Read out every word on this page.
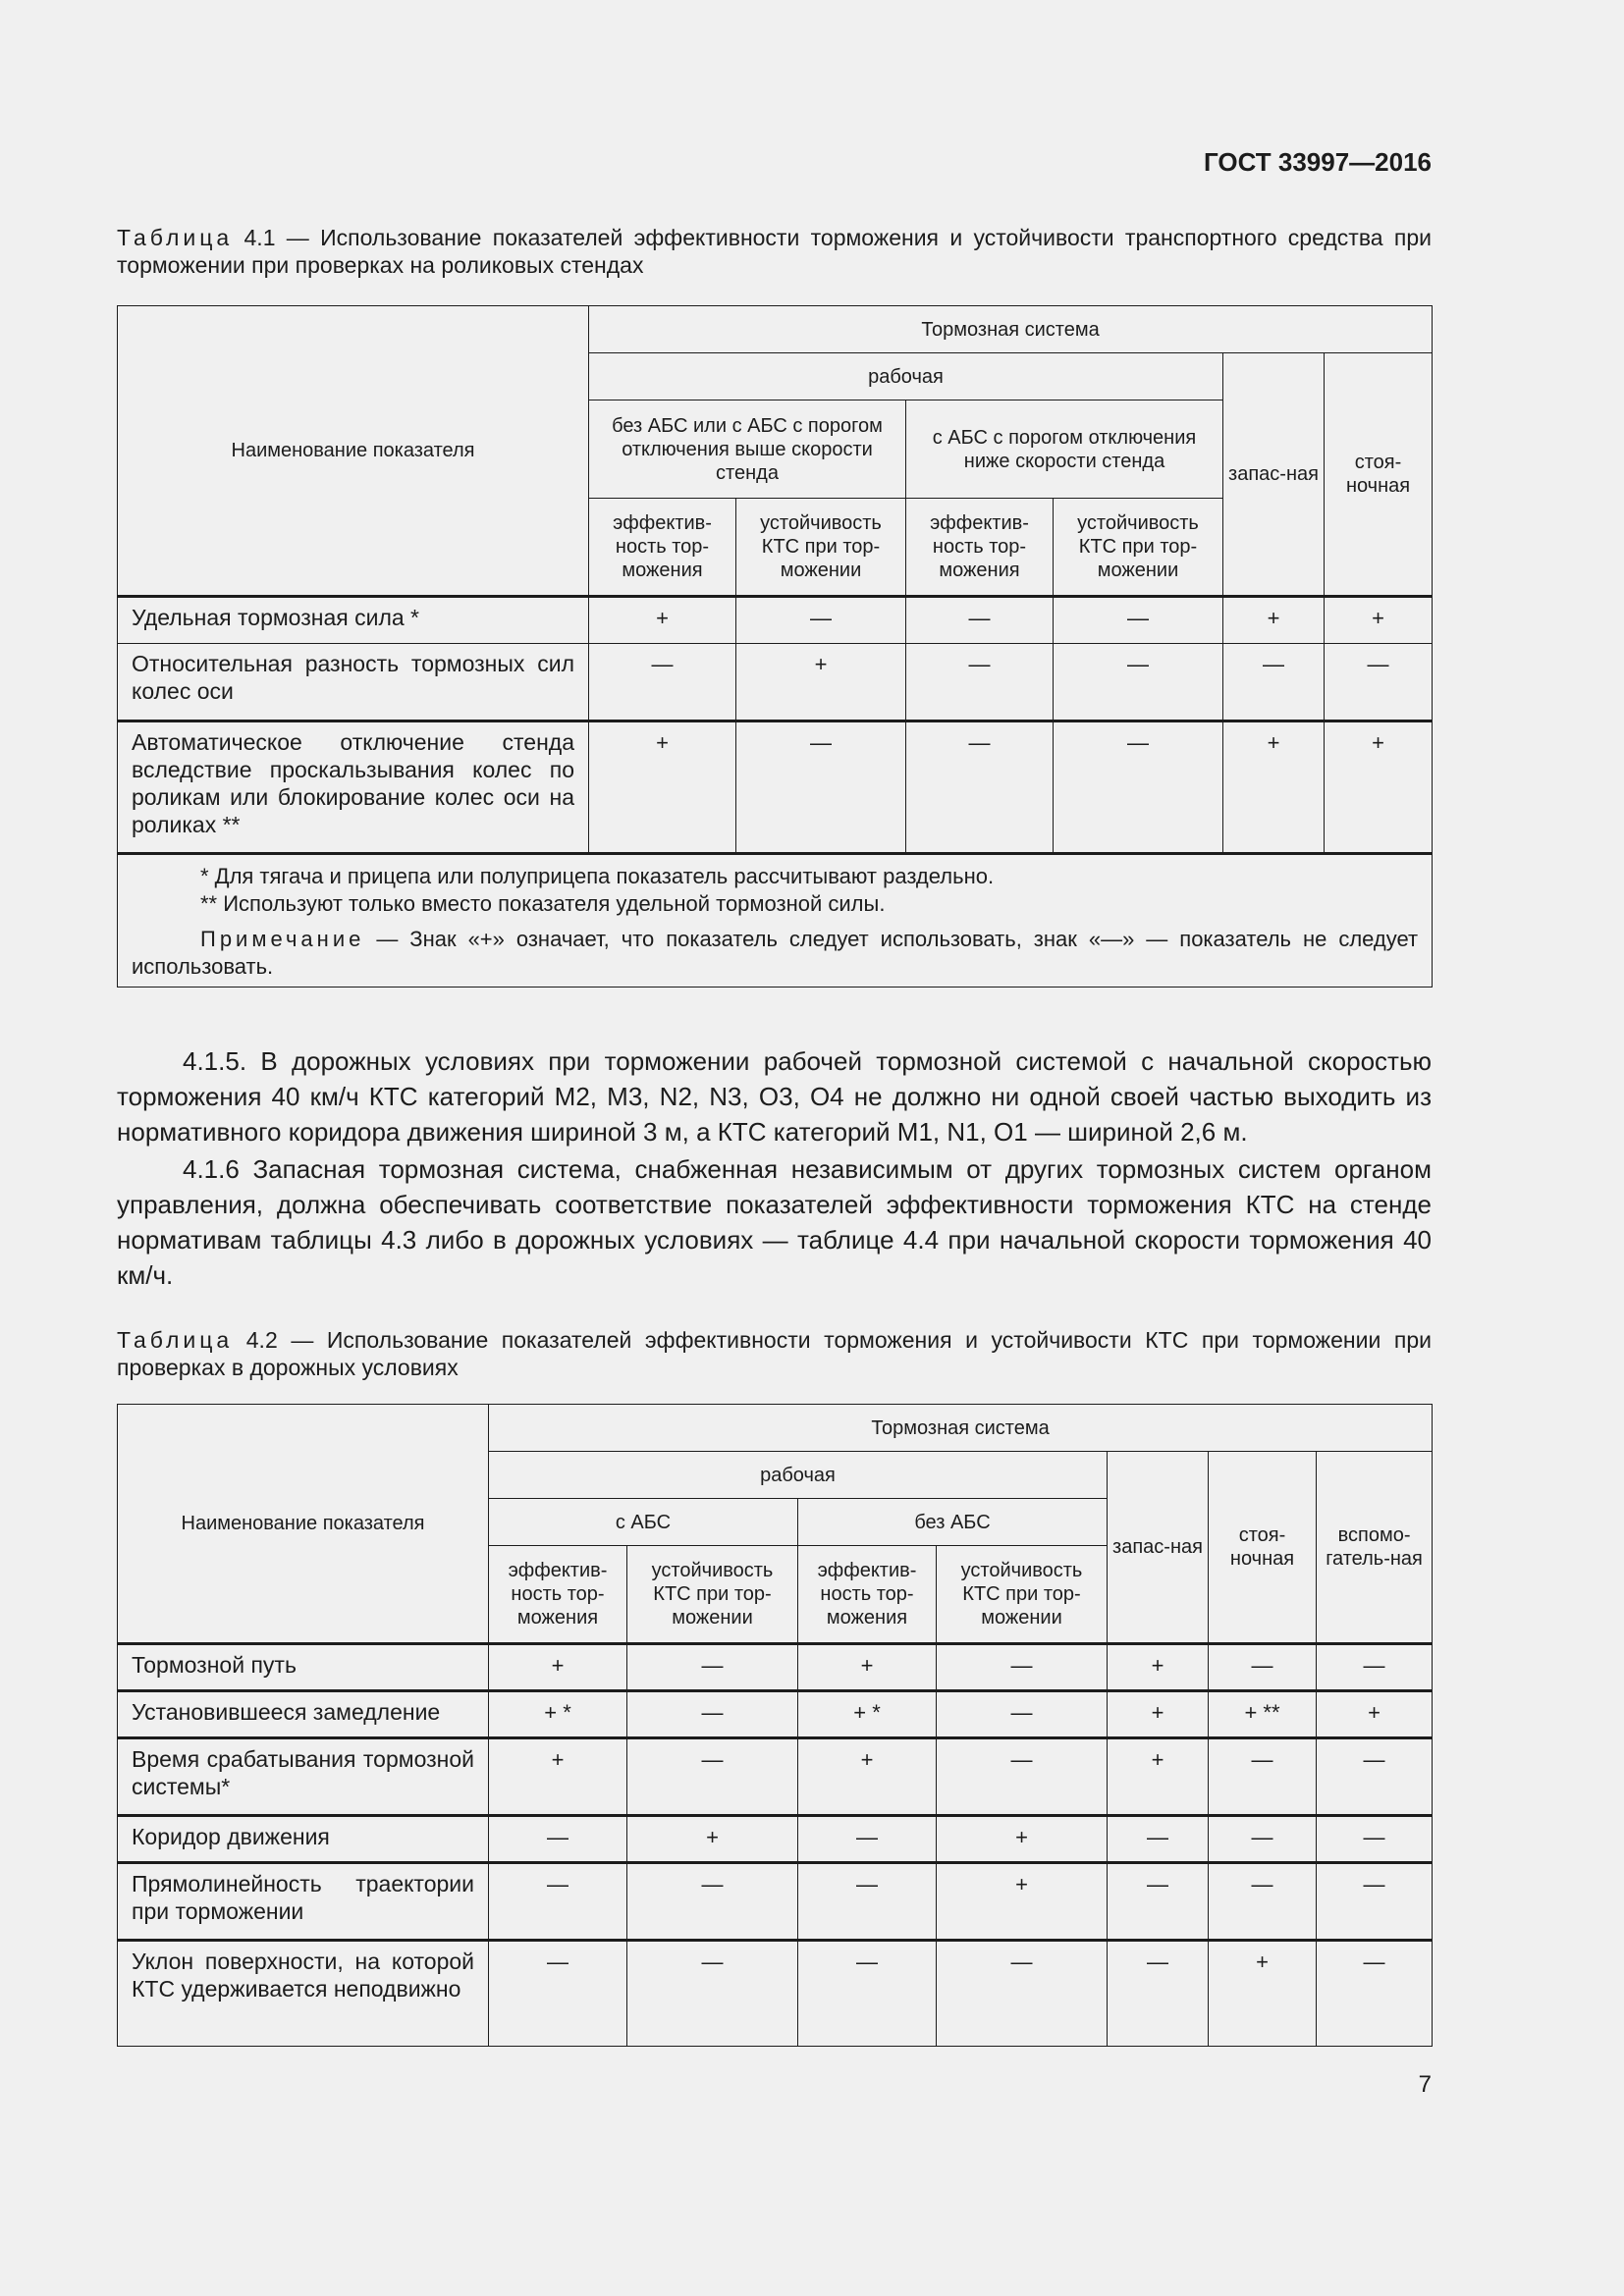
ГОСТ 33997—2016
Таблица 4.1 — Использование показателей эффективности торможения и устойчивости транспортного средства при торможении при проверках на роликовых стендах
Наименование показателя	Тормозная система					
	рабочая				запас-ная	стоя-ночная
	без АБС или с АБС с порогом отключения выше скорости стенда		с АБС с порогом отключения ниже скорости стенда			
	эффектив-ность тор-можения	устойчивость КТС при тор-можении	эффектив-ность тор-можения	устойчивость КТС при тор-можении		
Удельная тормозная сила *	+	—	—	—	+	+
Относительная разность тормозных сил колес оси	—	+	—	—	—	—
Автоматическое отключение стенда вследствие проскальзывания колес по роликам или блокирование колес оси на роликах **	+	—	—	—	+	+

* Для тягача и прицепа или полуприцепа показатель рассчитывают раздельно.
** Используют только вместо показателя удельной тормозной силы.
Примечание — Знак «+» означает, что показатель следует использовать, знак «—» — показатель не следует использовать.						
4.1.5. В дорожных условиях при торможении рабочей тормозной системой с начальной скоростью торможения 40 км/ч КТС категорий М2, М3, N2, N3, О3, О4 не должно ни одной своей частью выходить из нормативного коридора движения шириной 3 м, а КТС категорий М1, N1, О1 — шириной 2,6 м.
4.1.6 Запасная тормозная система, снабженная независимым от других тормозных систем органом управления, должна обеспечивать соответствие показателей эффективности торможения КТС на стенде нормативам таблицы 4.3 либо в дорожных условиях — таблице 4.4 при начальной скорости торможения 40 км/ч.
Таблица 4.2 — Использование показателей эффективности торможения и устойчивости КТС при торможении при проверках в дорожных условиях
Наименование показателя	Тормозная система						
	рабочая				запас-ная	стоя-ночная	вспомо-гатель-ная
	с АБС		без АБС				
	эффектив-ность тор-можения	устойчивость КТС при тор-можении	эффектив-ность тор-можения	устойчивость КТС при тор-можении			
Тормозной путь	+	—	+	—	+	—	—
Установившееся замедление	+ *	—	+ *	—	+	+ **	+
Время срабатывания тормозной системы*	+	—	+	—	+	—	—
Коридор движения	—	+	—	+	—	—	—
Прямолинейность траектории при торможении	—	—	—	+	—	—	—
Уклон поверхности, на которой КТС удерживается неподвижно	—	—	—	—	—	+	—
7
